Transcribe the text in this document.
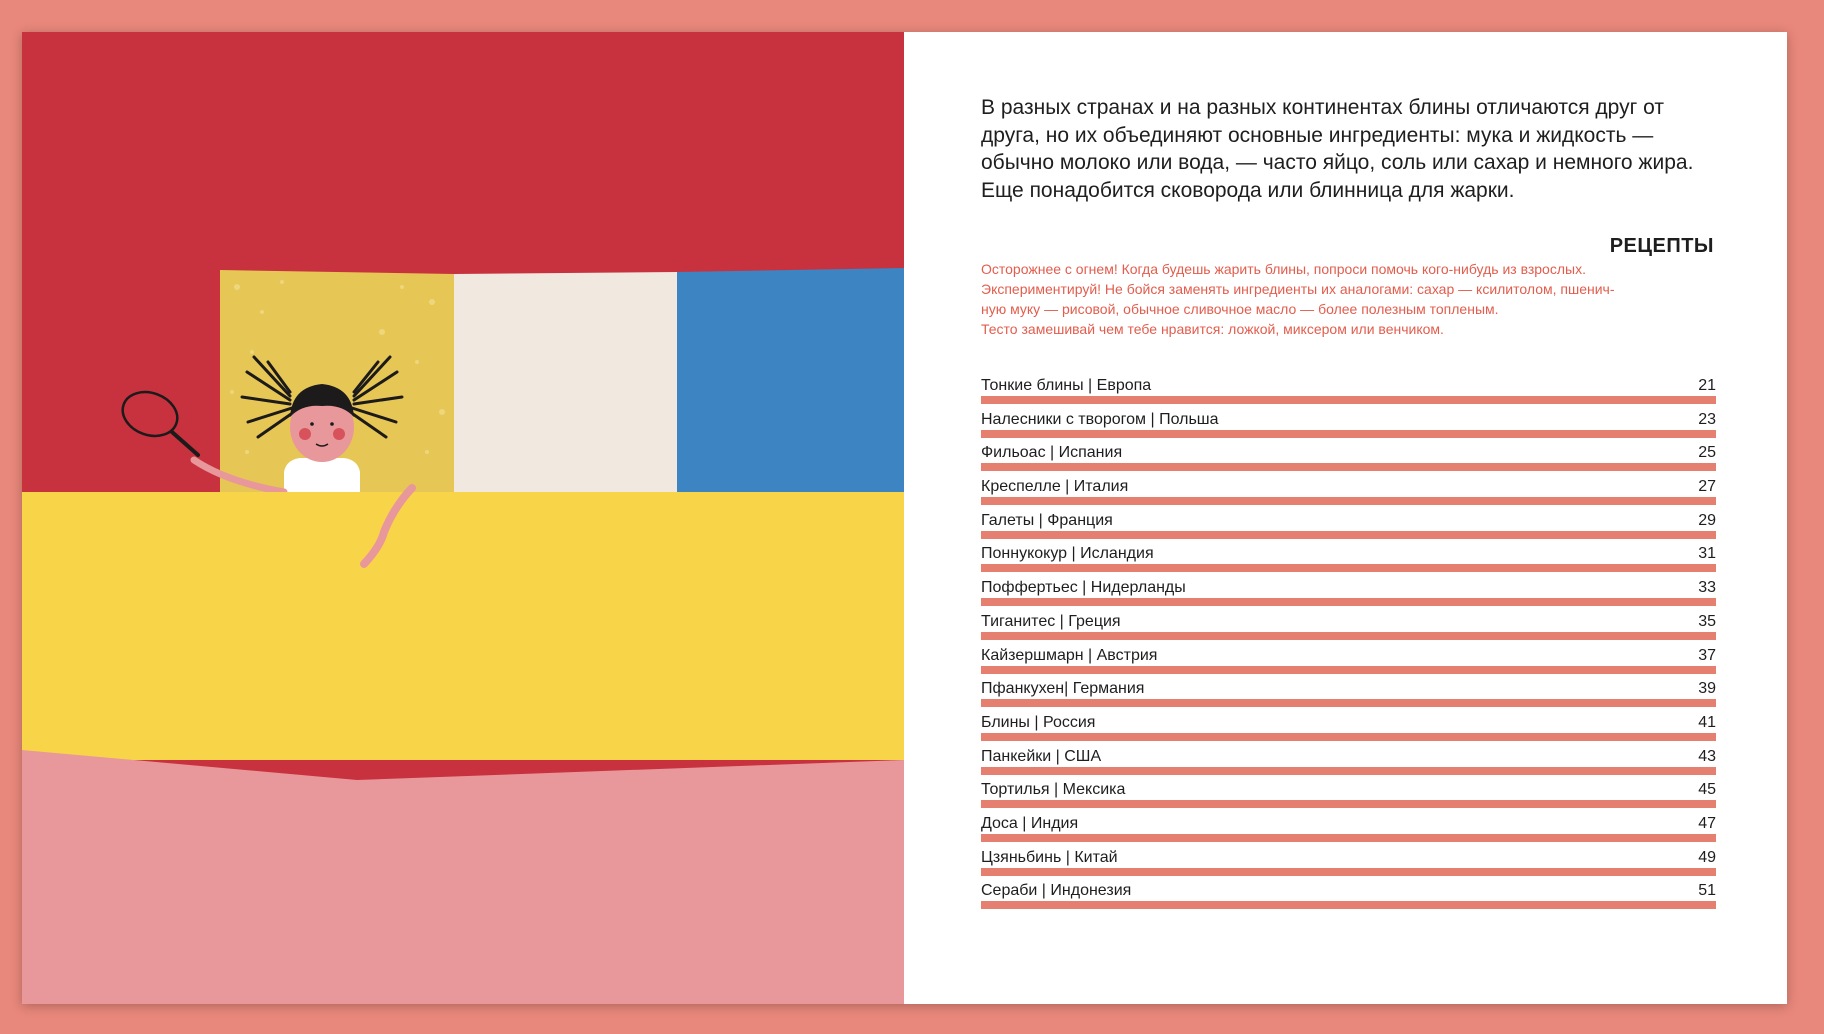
В разных странах и на разных континентах блины отличаются друг от друга, но их объединяют основные ингредиенты: мука и жидкость — обычно молоко или вода, — часто яйцо, соль или сахар и немного жира. Еще понадобится сковорода или блинница для жарки.

РЕЦЕПТЫ

Осторожнее с огнем! Когда будешь жарить блины, попроси помочь кого-нибудь из взрослых.

Экспериментируй! Не бойся заменять ингредиенты их аналогами: сахар — ксилитолом, пшенич-

ную муку — рисовой, обычное сливочное масло — более полезным топленым.

Тесто замешивай чем тебе нравится: ложкой, миксером или венчиком.

Тонкие блины | Европа	21
Налесники с творогом | Польша	23
Фильоас | Испания	25
Креспелле | Италия	27
Галеты | Франция	29
Поннукокур | Исландия	31
Поффертьес | Нидерланды	33
Тиганитес | Греция	35
Кайзершмарн | Австрия	37
Пфанкухен| Германия	39
Блины | Россия	41
Панкейки | США	43
Тортилья | Мексика	45
Доса | Индия	47
Цзяньбинь | Китай	49
Сераби | Индонезия	51
